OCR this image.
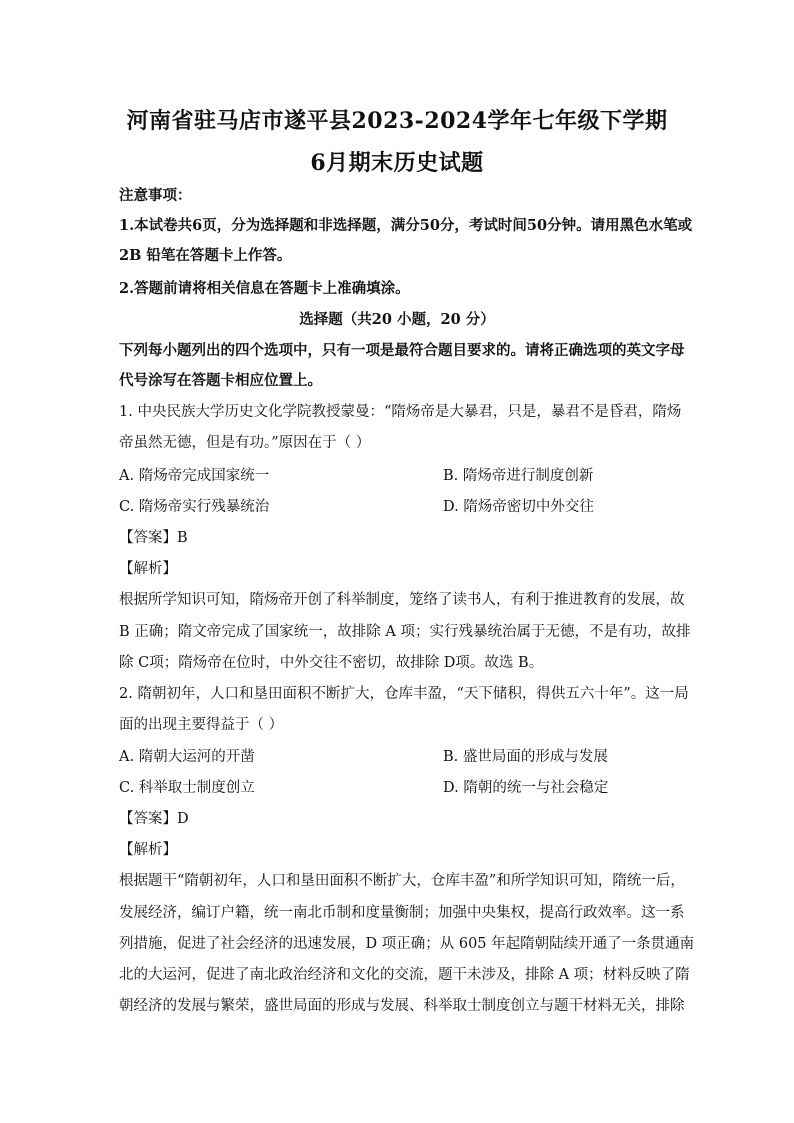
河南省驻马店市遂平县2023-2024学年七年级下学期
6月期末历史试题
注意事项：
1.本试卷共6页，分为选择题和非选择题，满分50分，考试时间50分钟。请用黑色水笔或
2B 铅笔在答题卡上作答。
2.答题前请将相关信息在答题卡上准确填涂。
选择题（共20 小题，20 分）
下列每小题列出的四个选项中，只有一项是最符合题目要求的。请将正确选项的英文字母
代号涂写在答题卡相应位置上。
1. 中央民族大学历史文化学院教授蒙曼：“隋炀帝是大暴君，只是，暴君不是昏君，隋炀
帝虽然无德，但是有功。”原因在于（ ）
A. 隋炀帝完成国家统一	B. 隋炀帝进行制度创新
C. 隋炀帝实行残暴统治	D. 隋炀帝密切中外交往
【答案】B
【解析】
根据所学知识可知，隋炀帝开创了科举制度，笼络了读书人，有利于推进教育的发展，故
B 正确；隋文帝完成了国家统一，故排除 A 项；实行残暴统治属于无德，不是有功，故排
除 C项；隋炀帝在位时，中外交往不密切，故排除 D项。故选 B。
2. 隋朝初年，人口和垦田面积不断扩大，仓库丰盈，“天下储积，得供五六十年”。这一局
面的出现主要得益于（ ）
A. 隋朝大运河的开凿	B. 盛世局面的形成与发展
C. 科举取士制度创立	D. 隋朝的统一与社会稳定
【答案】D
【解析】
根据题干“隋朝初年，人口和垦田面积不断扩大，仓库丰盈”和所学知识可知，隋统一后，
发展经济，编订户籍，统一南北币制和度量衡制；加强中央集权，提高行政效率。这一系
列措施，促进了社会经济的迅速发展，D 项正确；从 605 年起隋朝陆续开通了一条贯通南
北的大运河，促进了南北政治经济和文化的交流，题干未涉及，排除 A 项；材料反映了隋
朝经济的发展与繁荣，盛世局面的形成与发展、科举取士制度创立与题干材料无关，排除
